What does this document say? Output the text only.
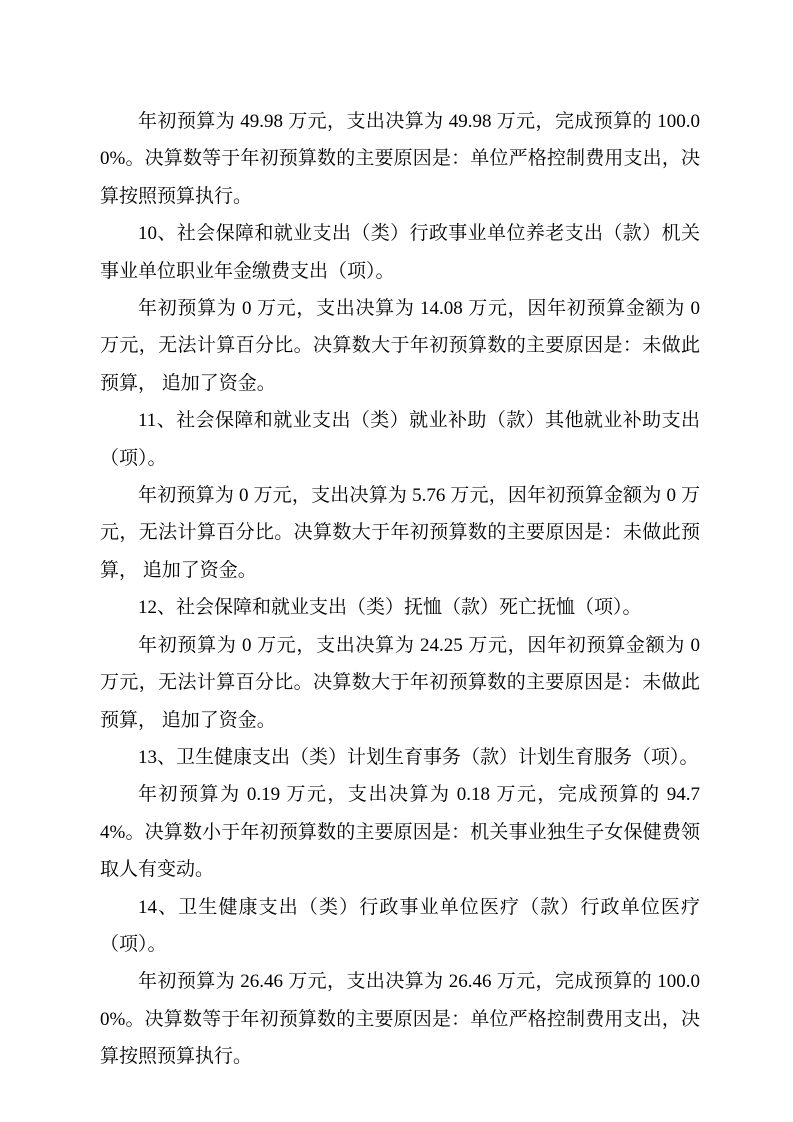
年初预算为 49.98 万元，支出决算为 49.98 万元，完成预算的 100.00%。决算数等于年初预算数的主要原因是：单位严格控制费用支出，决算按照预算执行。

10、社会保障和就业支出（类）行政事业单位养老支出（款）机关事业单位职业年金缴费支出（项）。

年初预算为 0 万元，支出决算为 14.08 万元，因年初预算金额为 0 万元，无法计算百分比。决算数大于年初预算数的主要原因是：未做此预算， 追加了资金。

11、社会保障和就业支出（类）就业补助（款）其他就业补助支出（项）。

年初预算为 0 万元，支出决算为 5.76 万元，因年初预算金额为 0 万元，无法计算百分比。决算数大于年初预算数的主要原因是：未做此预算， 追加了资金。

12、社会保障和就业支出（类）抚恤（款）死亡抚恤（项）。

年初预算为 0 万元，支出决算为 24.25 万元，因年初预算金额为 0 万元，无法计算百分比。决算数大于年初预算数的主要原因是：未做此预算， 追加了资金。

13、卫生健康支出（类）计划生育事务（款）计划生育服务（项）。

年初预算为 0.19 万元，支出决算为 0.18 万元，完成预算的 94.74%。决算数小于年初预算数的主要原因是：机关事业独生子女保健费领取人有变动。

14、卫生健康支出（类）行政事业单位医疗（款）行政单位医疗（项）。

年初预算为 26.46 万元，支出决算为 26.46 万元，完成预算的 100.00%。决算数等于年初预算数的主要原因是：单位严格控制费用支出，决算按照预算执行。
